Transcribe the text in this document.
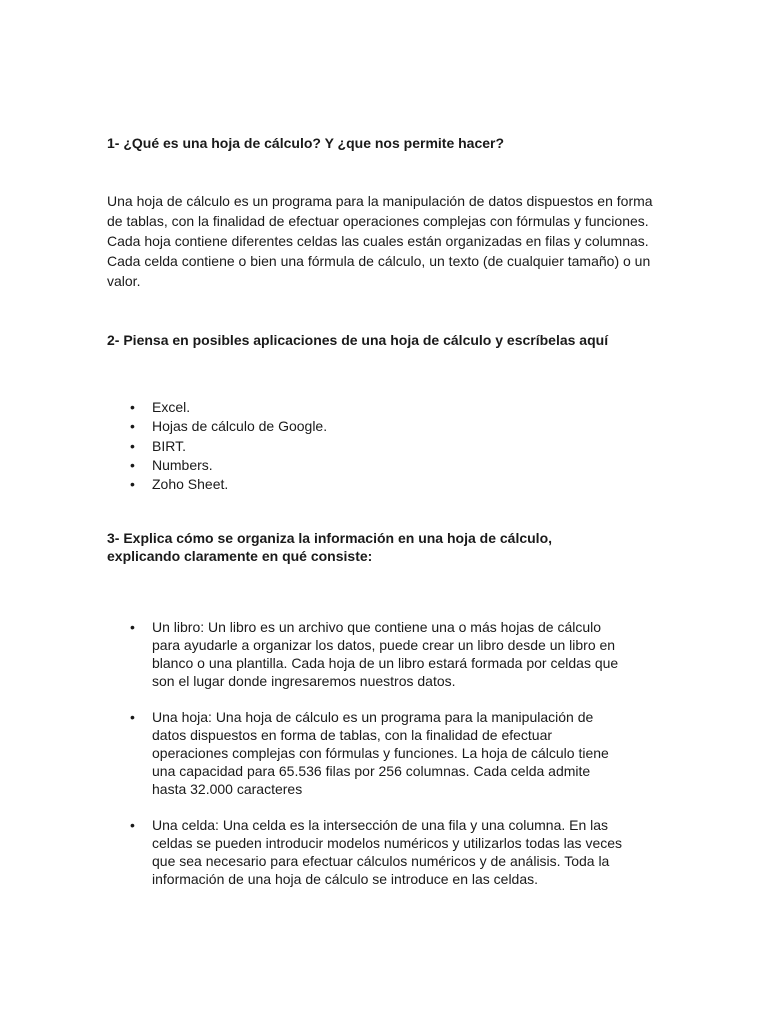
1- ¿Qué es una hoja de cálculo? Y ¿que nos permite hacer?

Una hoja de cálculo es un programa para la manipulación de datos dispuestos en forma de tablas, con la finalidad de efectuar operaciones complejas con fórmulas y funciones. Cada hoja contiene diferentes celdas las cuales están organizadas en filas y columnas. Cada celda contiene o bien una fórmula de cálculo, un texto (de cualquier tamaño) o un valor.

2- Piensa en posibles aplicaciones de una hoja de cálculo y escríbelas aquí

• Excel.
• Hojas de cálculo de Google.
• BIRT.
• Numbers.
• Zoho Sheet.

3- Explica cómo se organiza la información en una hoja de cálculo,
explicando claramente en qué consiste:

• Un libro: Un libro es un archivo que contiene una o más hojas de cálculo para ayudarle a organizar los datos, puede crear un libro desde un libro en blanco o una plantilla. Cada hoja de un libro estará formada por celdas que son el lugar donde ingresaremos nuestros datos.
• Una hoja: Una hoja de cálculo es un programa para la manipulación de datos dispuestos en forma de tablas, con la finalidad de efectuar operaciones complejas con fórmulas y funciones. La hoja de cálculo tiene una capacidad para 65.536 filas por 256 columnas. Cada celda admite hasta 32.000 caracteres
• Una celda: Una celda es la intersección de una fila y una columna. En las celdas se pueden introducir modelos numéricos y utilizarlos todas las veces que sea necesario para efectuar cálculos numéricos y de análisis. Toda la información de una hoja de cálculo se introduce en las celdas.
